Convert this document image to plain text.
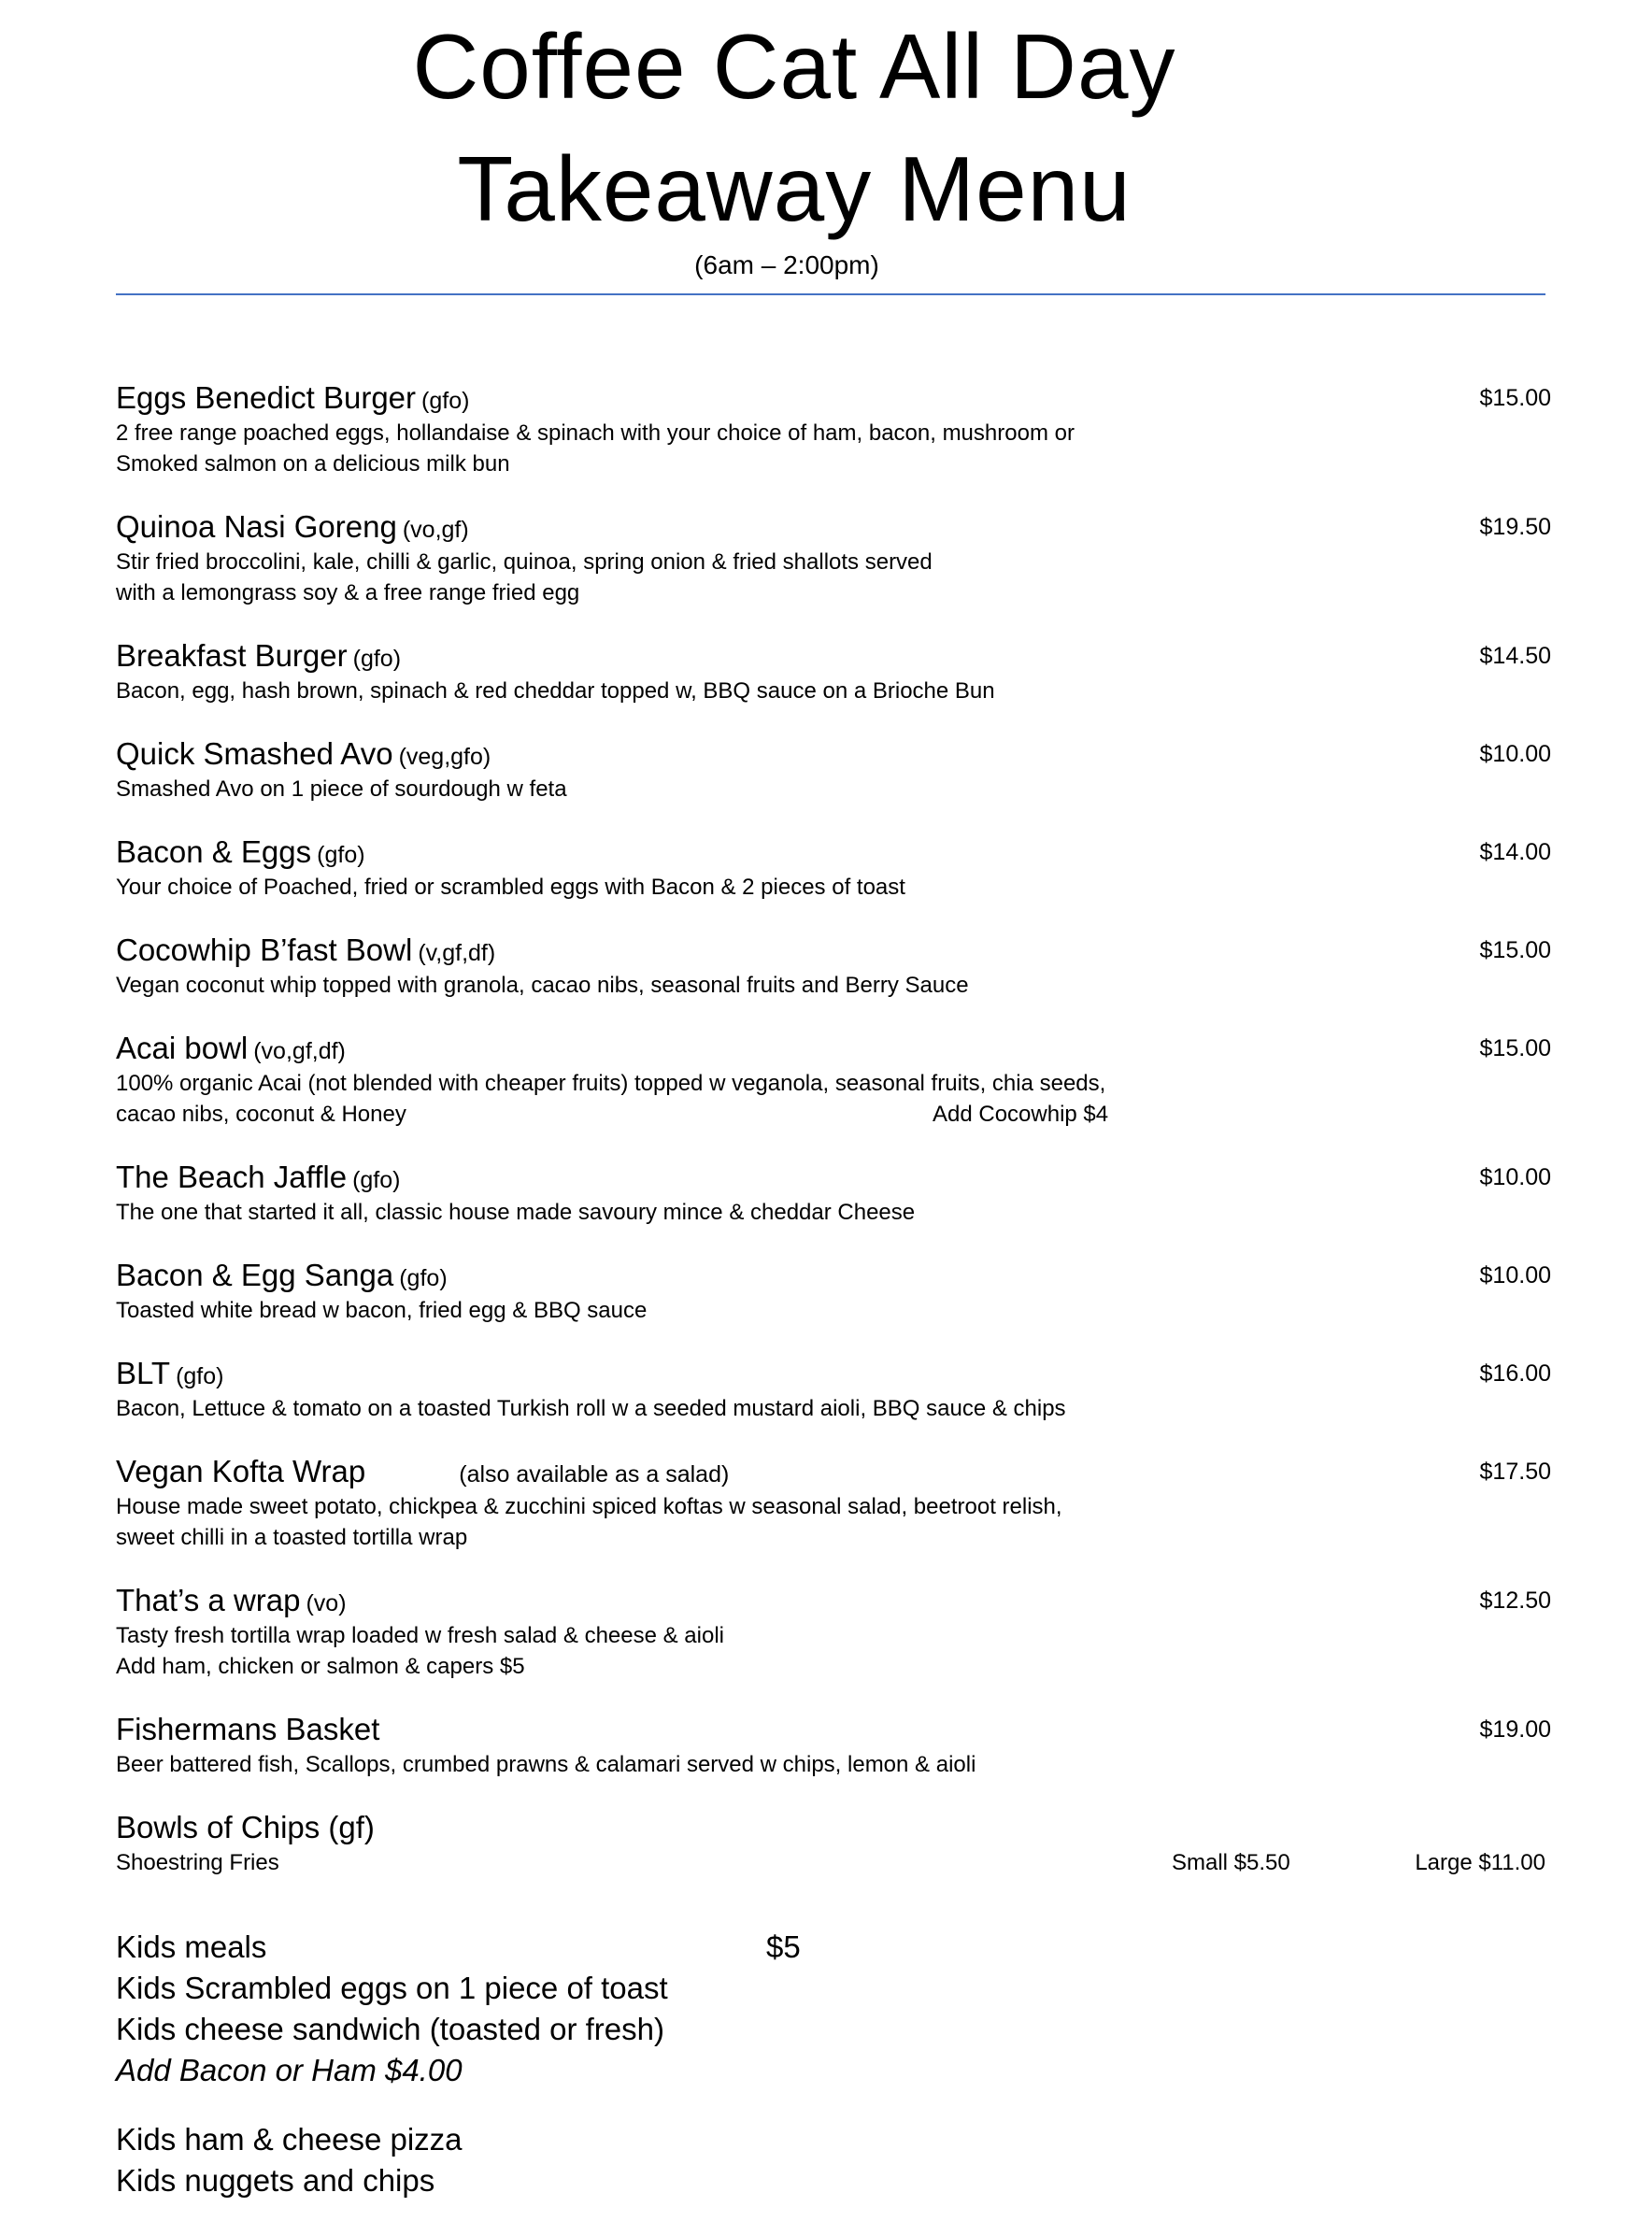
Coffee Cat All Day
Takeaway Menu
(6am – 2:00pm)
Eggs Benedict Burger (gfo)	$15.00
2 free range poached eggs, hollandaise & spinach with your choice of ham, bacon, mushroom or
Smoked salmon on a delicious milk bun
Quinoa Nasi Goreng (vo,gf)	$19.50
Stir fried broccolini, kale, chilli & garlic, quinoa, spring onion & fried shallots served
with a lemongrass soy & a free range fried egg
Breakfast Burger (gfo)	$14.50
Bacon, egg, hash brown, spinach & red cheddar topped w, BBQ sauce on a Brioche Bun
Quick Smashed Avo (veg,gfo)	$10.00
Smashed Avo on 1 piece of sourdough w feta
Bacon & Eggs (gfo)	$14.00
Your choice of Poached, fried or scrambled eggs with Bacon & 2 pieces of toast
Cocowhip B’fast Bowl (v,gf,df)	$15.00
Vegan coconut whip topped with granola, cacao nibs, seasonal fruits and Berry Sauce
Acai bowl (vo,gf,df)	$15.00
100% organic Acai (not blended with cheaper fruits) topped w veganola, seasonal fruits, chia seeds,
cacao nibs, coconut & Honey	Add Cocowhip $4
The Beach Jaffle (gfo)	$10.00
The one that started it all, classic house made savoury mince & cheddar Cheese
Bacon & Egg Sanga (gfo)	$10.00
Toasted white bread w bacon, fried egg & BBQ sauce
BLT (gfo)	$16.00
Bacon, Lettuce & tomato on a toasted Turkish roll w a seeded mustard aioli, BBQ sauce & chips
Vegan Kofta Wrap	(also available as a salad)	$17.50
House made sweet potato, chickpea & zucchini spiced koftas w seasonal salad, beetroot relish,
sweet chilli in a toasted tortilla wrap
That’s a wrap (vo)	$12.50
Tasty fresh tortilla wrap loaded w fresh salad & cheese & aioli
Add ham, chicken or salmon & capers $5
Fishermans Basket	$19.00
Beer battered fish, Scallops, crumbed prawns & calamari served w chips, lemon & aioli
Bowls of Chips (gf)
Shoestring Fries	Small $5.50	Large $11.00
Kids meals	$5
Kids Scrambled eggs on 1 piece of toast
Kids cheese sandwich (toasted or fresh)
Add Bacon or Ham $4.00
Kids ham & cheese pizza
Kids nuggets and chips
